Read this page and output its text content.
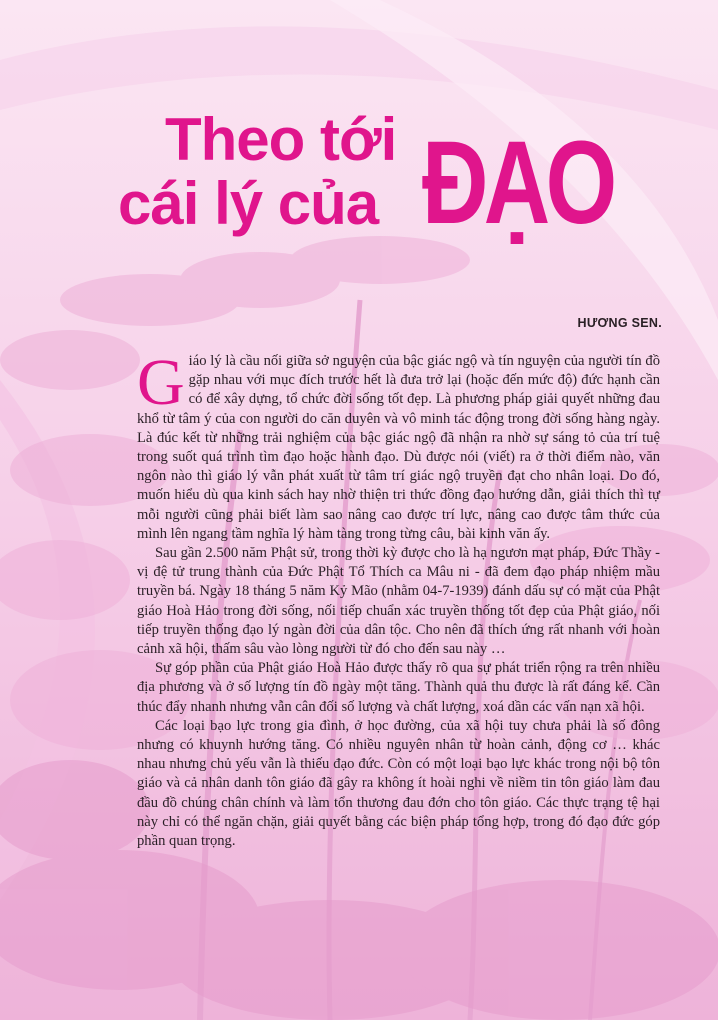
Theo tới
cái lý của ĐẠO
HƯƠNG SEN.

Giáo lý là cầu nối giữa sở nguyện của bậc giác ngộ và tín nguyện của người tín đồ gặp nhau với mục đích trước hết là đưa trở lại (hoặc đến mức độ) đức hạnh cần có để xây dựng, tổ chức đời sống tốt đẹp. Là phương pháp giải quyết những đau khổ từ tâm ý của con người do căn duyên và vô minh tác động trong đời sống hàng ngày. Là đúc kết từ những trải nghiệm của bậc giác ngộ đã nhận ra nhờ sự sáng tỏ của trí tuệ trong suốt quá trình tìm đạo hoặc hành đạo. Dù được nói (viết) ra ở thời điểm nào, văn ngôn nào thì giáo lý vẫn phát xuất từ tâm trí giác ngộ truyền đạt cho nhân loại. Do đó, muốn hiểu dù qua kinh sách hay nhờ thiện tri thức đồng đạo hướng dẫn, giải thích thì tự mỗi người cũng phải biết làm sao nâng cao được trí lực, nâng cao được tâm thức của mình lên ngang tầm nghĩa lý hàm tàng trong từng câu, bài kinh văn ấy.

Sau gần 2.500 năm Phật sử, trong thời kỳ được cho là hạ ngươn mạt pháp, Đức Thầy - vị đệ tử trung thành của Đức Phật Tổ Thích ca Mâu ni - đã đem đạo pháp nhiệm mầu truyền bá. Ngày 18 tháng 5 năm Kỷ Mão (nhằm 04-7-1939) đánh dấu sự có mặt của Phật giáo Hoà Hảo trong đời sống, nối tiếp chuẩn xác truyền thống tốt đẹp của Phật giáo, nối tiếp truyền thống đạo lý ngàn đời của dân tộc. Cho nên đã thích ứng rất nhanh với hoàn cảnh xã hội, thấm sâu vào lòng người từ đó cho đến sau này …

Sự góp phần của Phật giáo Hoà Hảo được thấy rõ qua sự phát triển rộng ra trên nhiều địa phương và ở số lượng tín đồ ngày một tăng. Thành quả thu được là rất đáng kể. Cần thúc đẩy nhanh nhưng vẫn cân đối số lượng và chất lượng, xoá dần các vấn nạn xã hội.

Các loại bạo lực trong gia đình, ở học đường, của xã hội tuy chưa phải là số đông nhưng có khuynh hướng tăng. Có nhiều nguyên nhân từ hoàn cảnh, động cơ … khác nhau nhưng chủ yếu vẫn là thiếu đạo đức. Còn có một loại bạo lực khác trong nội bộ tôn giáo và cả nhân danh tôn giáo đã gây ra không ít hoài nghi về niềm tin tôn giáo làm đau đầu đồ chúng chân chính và làm tổn thương đau đớn cho tôn giáo. Các thực trạng tệ hại này chỉ có thể ngăn chặn, giải quyết bằng các biện pháp tổng hợp, trong đó đạo đức góp phần quan trọng.
